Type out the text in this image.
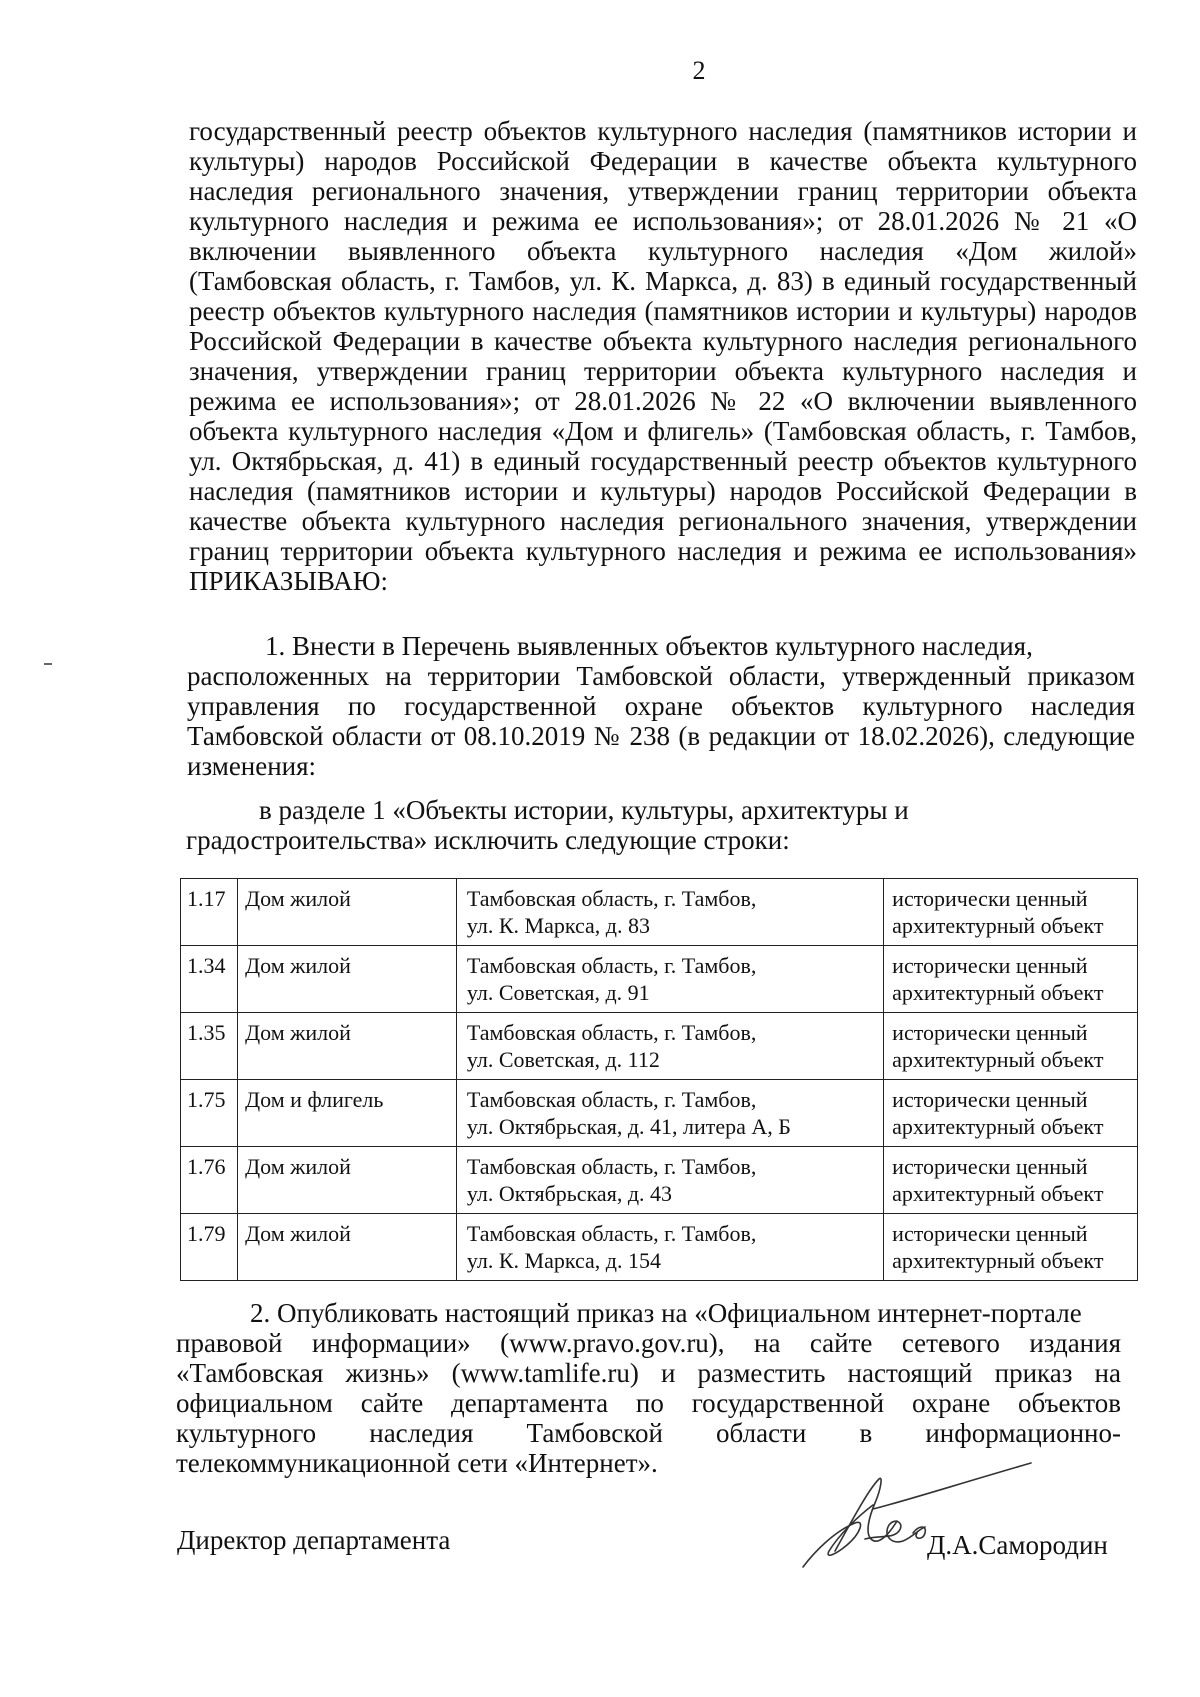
2

государственный реестр объектов культурного наследия (памятников истории и культуры) народов Российской Федерации в качестве объекта культурного наследия регионального значения, утверждении границ территории объекта культурного наследия и режима ее использования»; от 28.01.2026 № 21 «О включении выявленного объекта культурного наследия «Дом жилой» (Тамбовская область, г. Тамбов, ул. К. Маркса, д. 83) в единый государственный реестр объектов культурного наследия (памятников истории и культуры) народов Российской Федерации в качестве объекта культурного наследия регионального значения, утверждении границ территории объекта культурного наследия и режима ее использования»; от 28.01.2026 № 22 «О включении выявленного объекта культурного наследия «Дом и флигель» (Тамбовская область, г. Тамбов, ул. Октябрьская, д. 41) в единый государственный реестр объектов культурного наследия (памятников истории и культуры) народов Российской Федерации в качестве объекта культурного наследия регионального значения, утверждении границ территории объекта культурного наследия и режима ее использования» ПРИКАЗЫВАЮ:

1. Внести в Перечень выявленных объектов культурного наследия,
расположенных на территории Тамбовской области, утвержденный приказом управления по государственной охране объектов культурного наследия Тамбовской области от 08.10.2019 № 238 (в редакции от 18.02.2026), следующие изменения:

в разделе 1 «Объекты истории, культуры, архитектуры и
градостроительства» исключить следующие строки:

1.17	Дом жилой	Тамбовская область, г. Тамбов,
ул. К. Маркса, д. 83	исторически ценный
архитектурный объект

1.34	Дом жилой	Тамбовская область, г. Тамбов,
ул. Советская, д. 91	исторически ценный
архитектурный объект

1.35	Дом жилой	Тамбовская область, г. Тамбов,
ул. Советская, д. 112	исторически ценный
архитектурный объект

1.75	Дом и флигель	Тамбовская область, г. Тамбов,
ул. Октябрьская, д. 41, литера А, Б	исторически ценный
архитектурный объект

1.76	Дом жилой	Тамбовская область, г. Тамбов,
ул. Октябрьская, д. 43	исторически ценный
архитектурный объект

1.79	Дом жилой	Тамбовская область, г. Тамбов,
ул. К. Маркса, д. 154	исторически ценный
архитектурный объект

2. Опубликовать настоящий приказ на «Официальном интернет-портале
правовой информации» (www.pravo.gov.ru), на сайте сетевого издания «Тамбовская жизнь» (www.tamlife.ru) и разместить настоящий приказ на официальном сайте департамента по государственной охране объектов культурного наследия Тамбовской области в информационно-телекоммуникационной сети «Интернет».

Директор департамента	Д.А.Самородин
